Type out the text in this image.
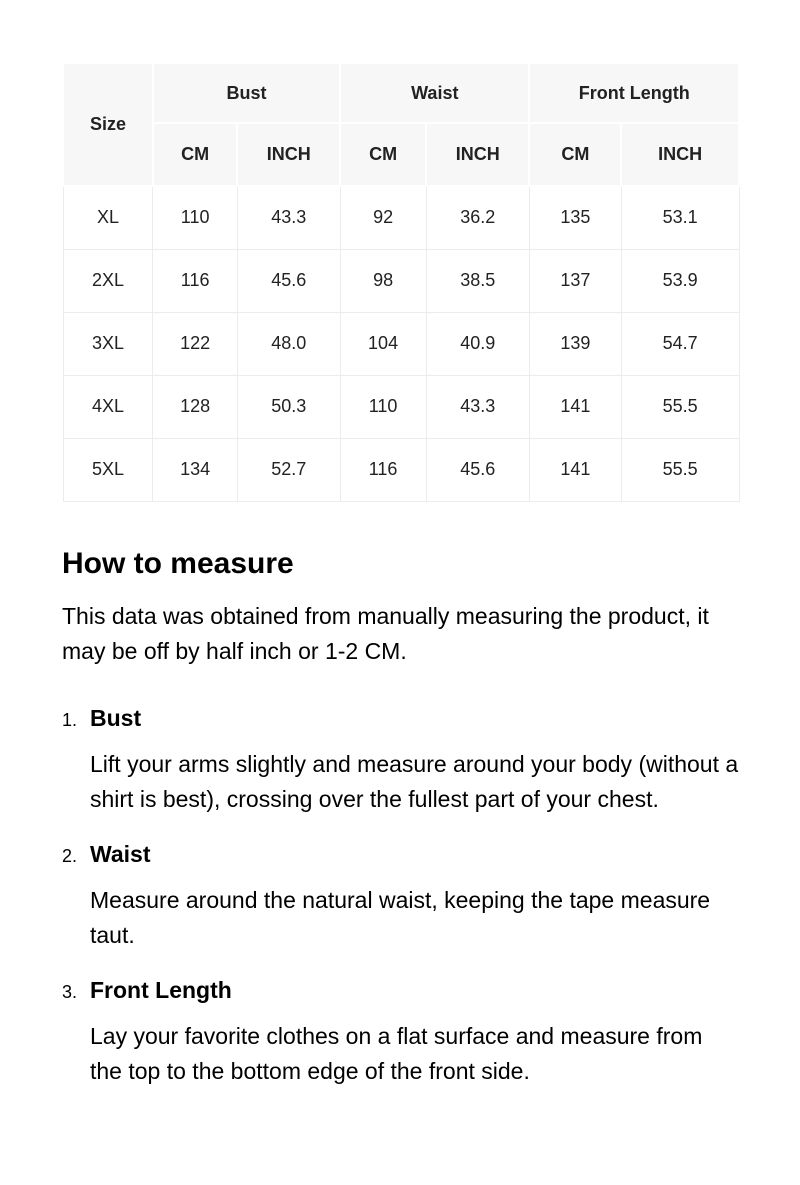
Size	Bust		Waist		Front Length	
	CM	INCH	CM	INCH	CM	INCH
XL	110	43.3	92	36.2	135	53.1
2XL	116	45.6	98	38.5	137	53.9
3XL	122	48.0	104	40.9	139	54.7
4XL	128	50.3	110	43.3	141	55.5
5XL	134	52.7	116	45.6	141	55.5
How to measure

This data was obtained from manually measuring the product, it may be off by half inch or 1-2 CM.

1. Bust

Lift your arms slightly and measure around your body (without a shirt is best), crossing over the fullest part of your chest.

2. Waist

Measure around the natural waist, keeping the tape measure taut.

3. Front Length

Lay your favorite clothes on a flat surface and measure from the top to the bottom edge of the front side.
